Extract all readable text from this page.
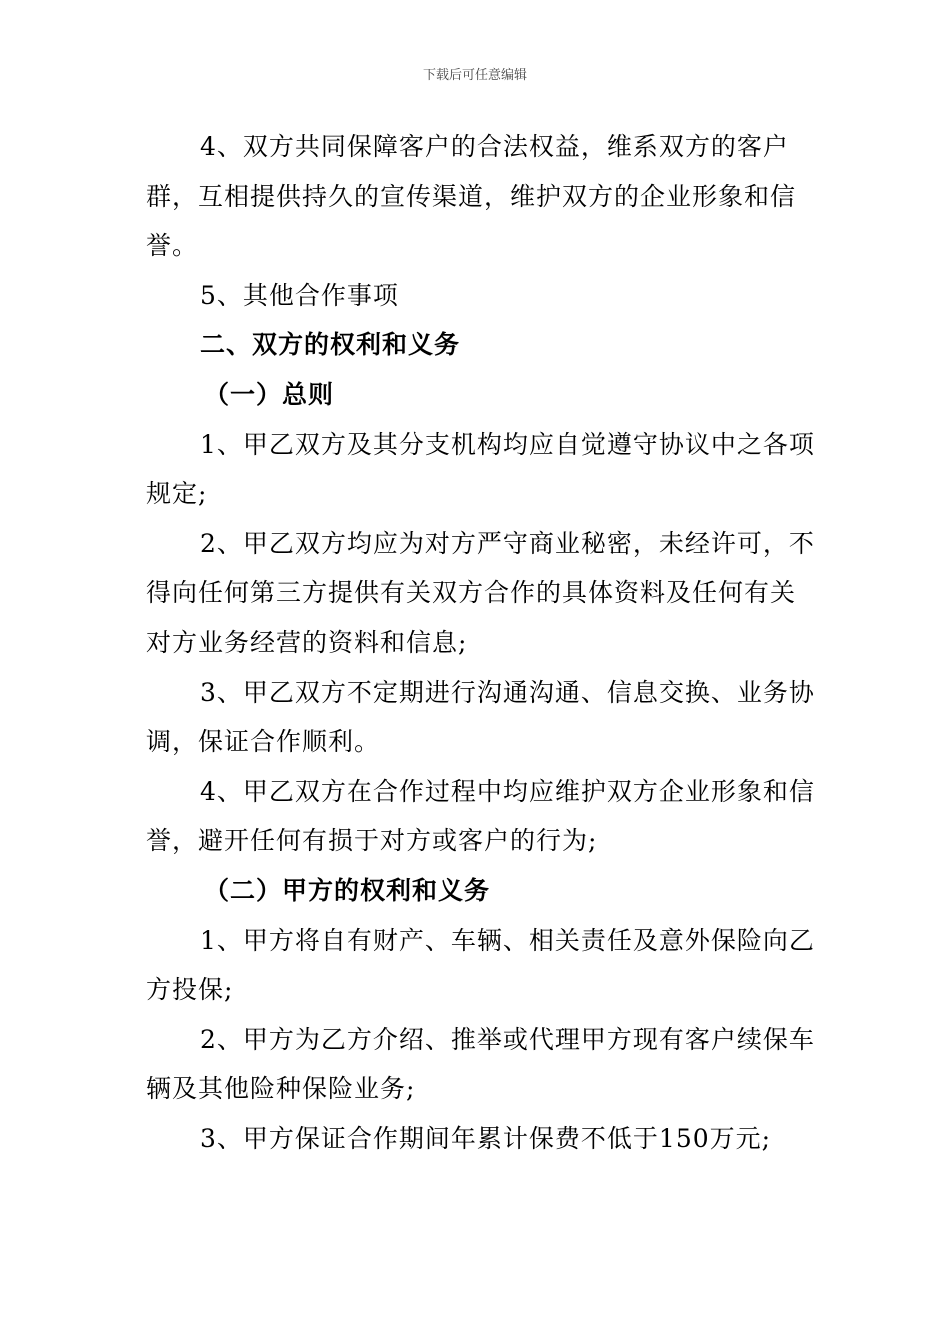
下载后可任意编辑

4、双方共同保障客户的合法权益，维系双方的客户群，互相提供持久的宣传渠道，维护双方的企业形象和信誉。

5、其他合作事项

二、双方的权利和义务

（一）总则

1、甲乙双方及其分支机构均应自觉遵守协议中之各项规定;

2、甲乙双方均应为对方严守商业秘密，未经许可，不得向任何第三方提供有关双方合作的具体资料及任何有关对方业务经营的资料和信息;

3、甲乙双方不定期进行沟通沟通、信息交换、业务协调，保证合作顺利。

4、甲乙双方在合作过程中均应维护双方企业形象和信誉，避开任何有损于对方或客户的行为;

（二）甲方的权利和义务

1、甲方将自有财产、车辆、相关责任及意外保险向乙方投保;

2、甲方为乙方介绍、推举或代理甲方现有客户续保车辆及其他险种保险业务;

3、甲方保证合作期间年累计保费不低于150万元;
